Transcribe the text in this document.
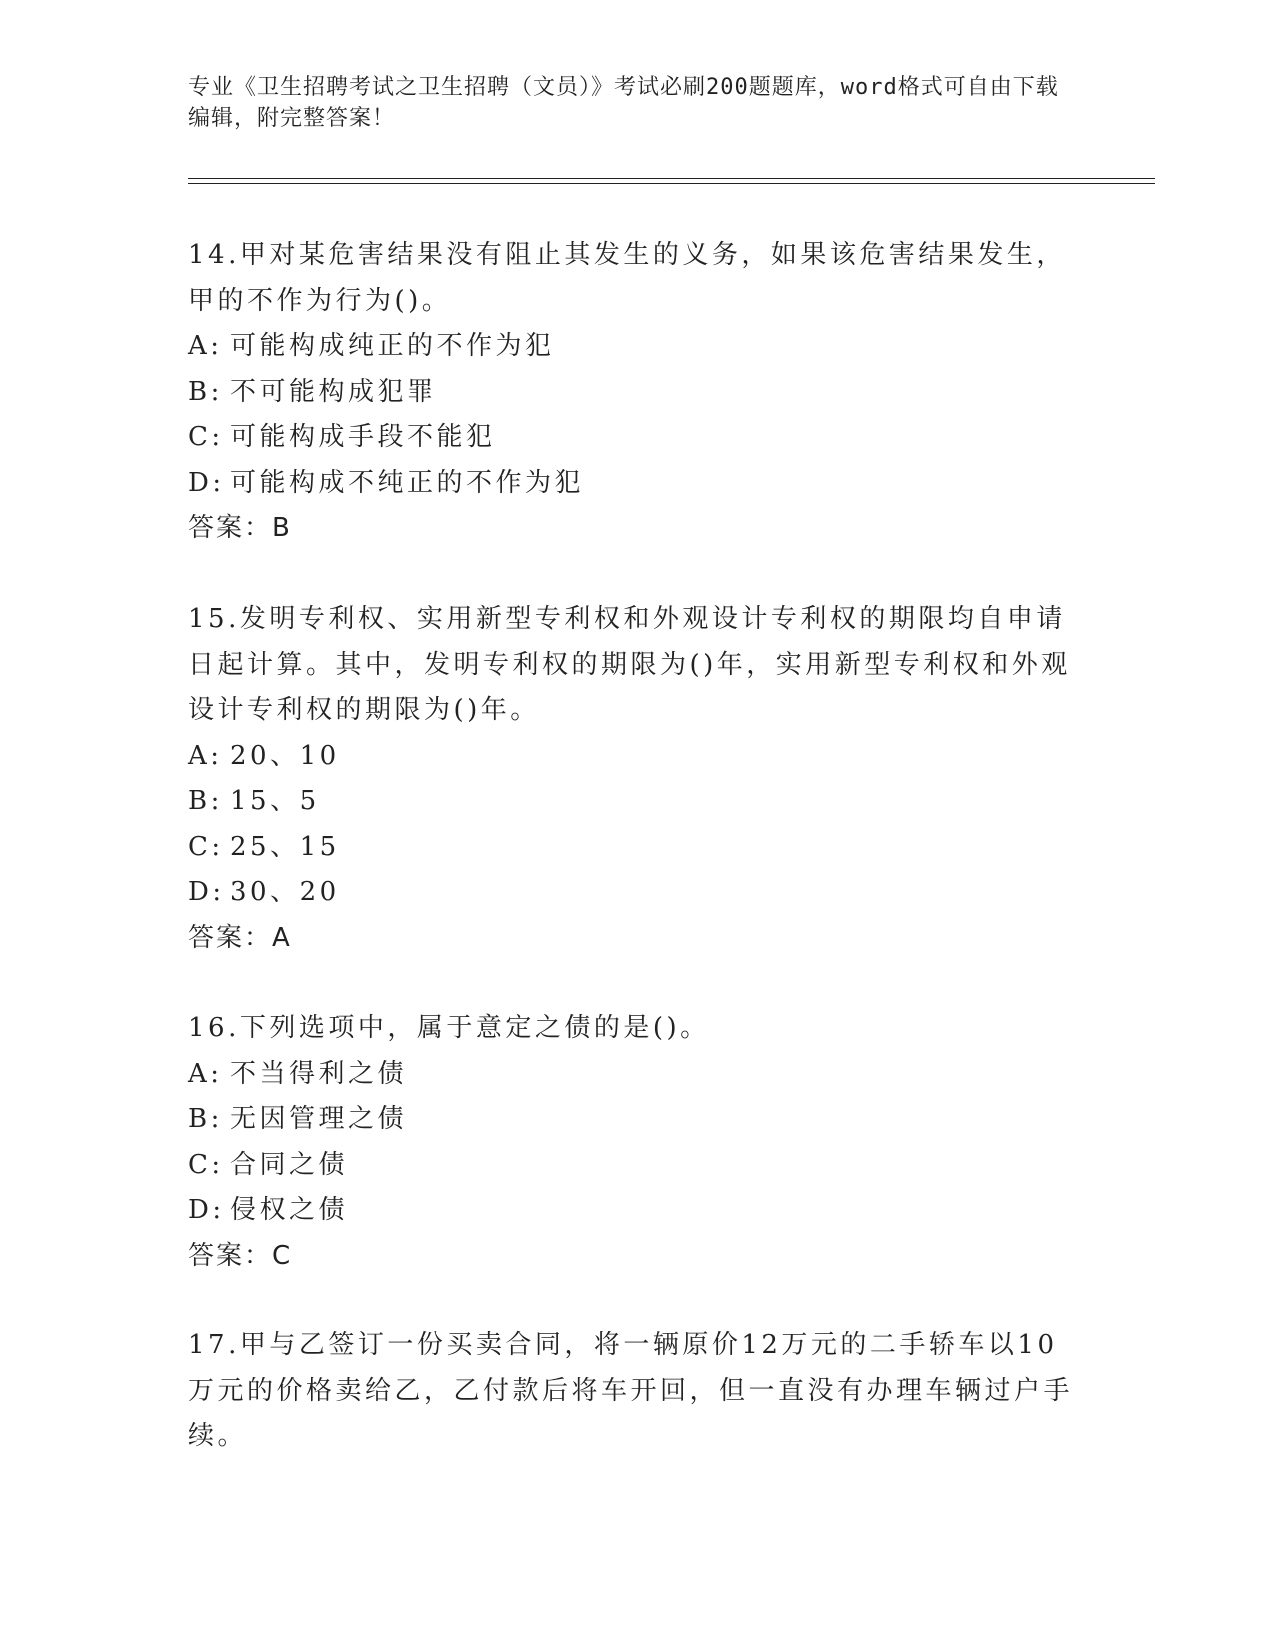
专业《卫生招聘考试之卫生招聘（文员）》考试必刷200题题库，word格式可自由下载编辑，附完整答案！
14.甲对某危害结果没有阻止其发生的义务，如果该危害结果发生，甲的不作为行为()。
A: 可能构成纯正的不作为犯
B: 不可能构成犯罪
C: 可能构成手段不能犯
D: 可能构成不纯正的不作为犯
答案：B
15.发明专利权、实用新型专利权和外观设计专利权的期限均自申请日起计算。其中，发明专利权的期限为()年，实用新型专利权和外观设计专利权的期限为()年。
A: 20、10
B: 15、5
C: 25、15
D: 30、20
答案：A
16.下列选项中，属于意定之债的是()。
A: 不当得利之债
B: 无因管理之债
C: 合同之债
D: 侵权之债
答案：C
17.甲与乙签订一份买卖合同，将一辆原价12万元的二手轿车以10万元的价格卖给乙，乙付款后将车开回，但一直没有办理车辆过户手续。
